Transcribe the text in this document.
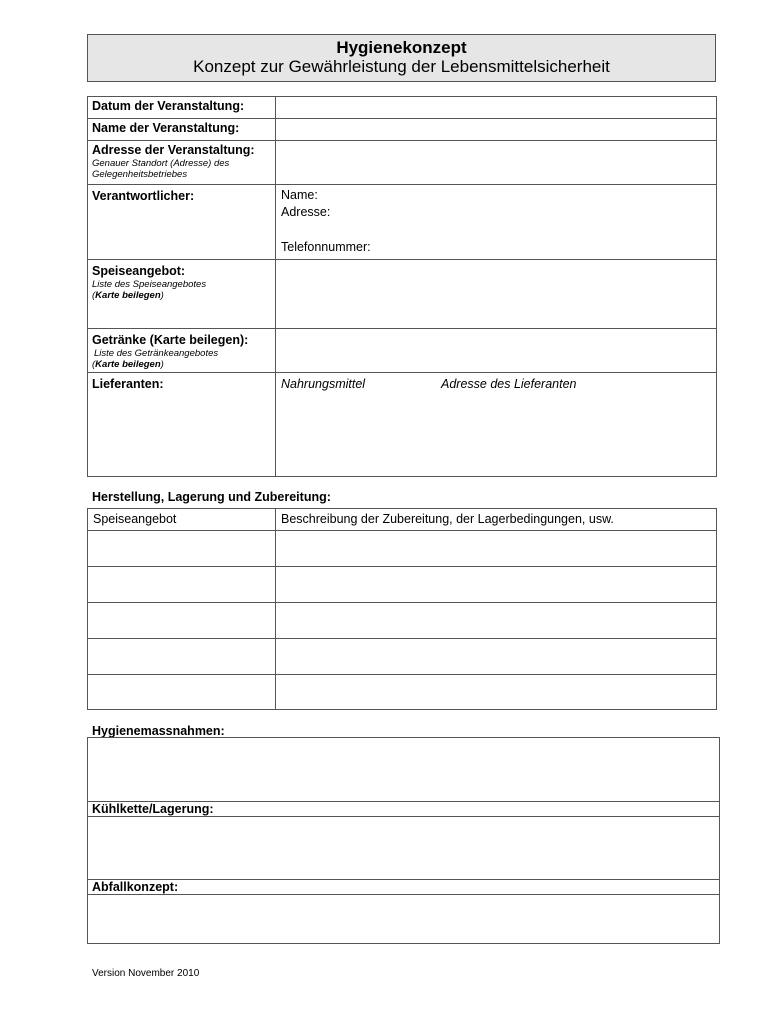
Hygienekonzept
Konzept zur Gewährleistung der Lebensmittelsicherheit
Datum der Veranstaltung:	

Name der Veranstaltung:	

Adresse der Veranstaltung:
Genauer Standort (Adresse) des Gelegenheitsbetriebes	

Verantwortlicher:	Name:
Adresse:
Telefonnummer:

Speiseangebot:
Liste des Speiseangebotes
(Karte beilegen)	

Getränke (Karte beilegen):
Liste des Getränkeangebotes
(Karte beilegen)	

Lieferanten:	Nahrungsmittel Adresse des Lieferanten
Herstellung, Lagerung und Zubereitung:
Speiseangebot	Beschreibung der Zubereitung, der Lagerbedingungen, usw.

Hygienemassnahmen:
Kühlkette/Lagerung:
Abfallkonzept:
Version November 2010
